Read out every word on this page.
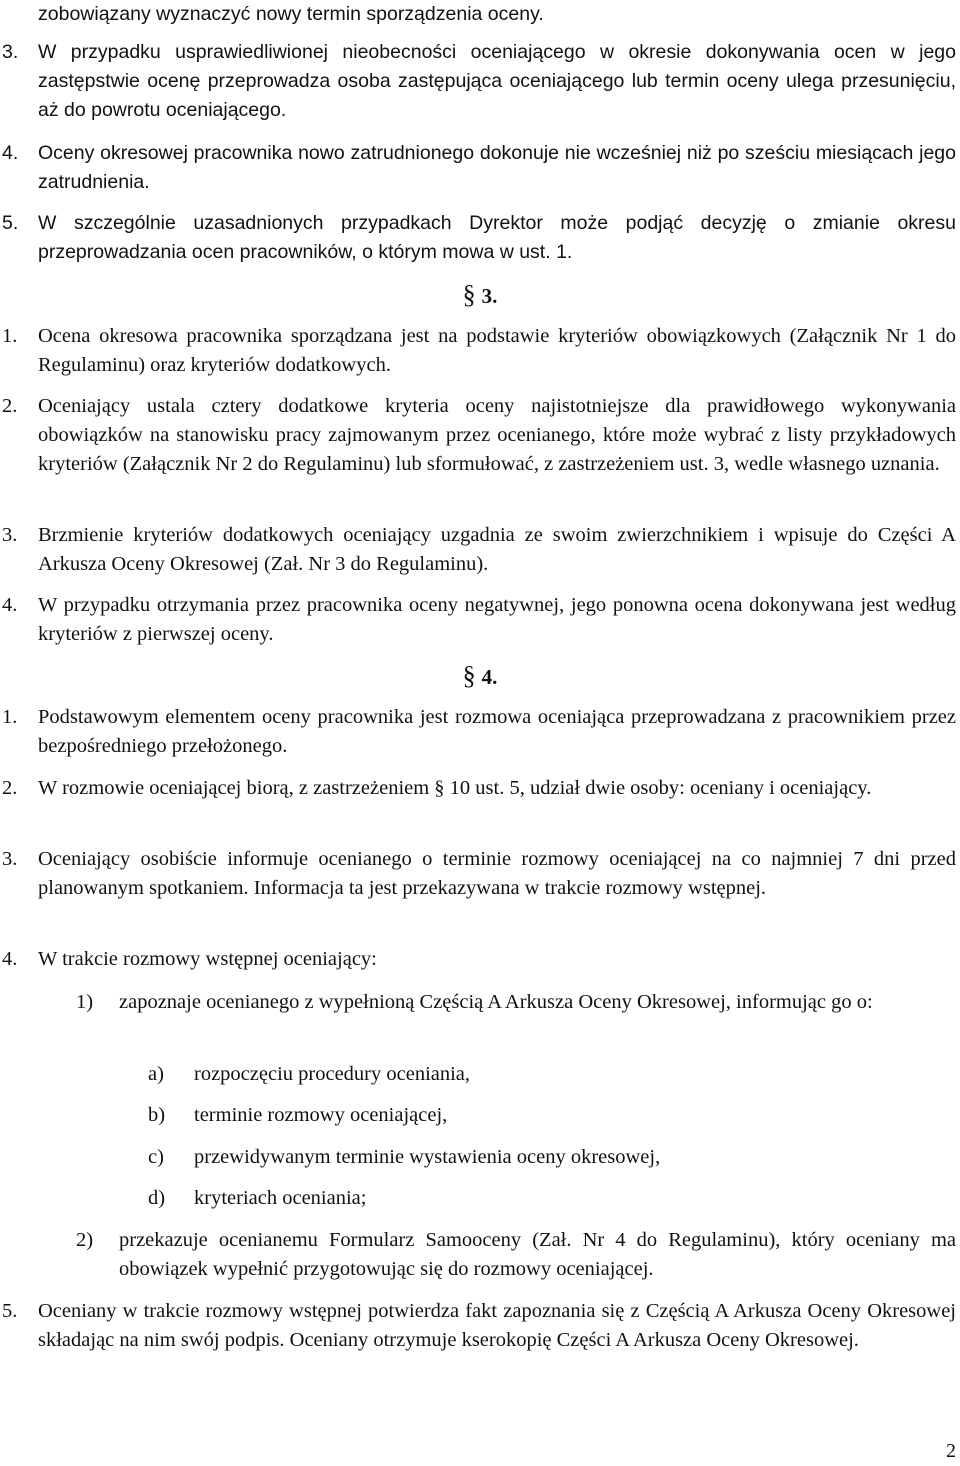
zobowiązany wyznaczyć nowy termin sporządzenia oceny.
3. W przypadku usprawiedliwionej nieobecności oceniającego w okresie dokonywania ocen w jego zastępstwie ocenę przeprowadza osoba zastępująca oceniającego lub termin oceny ulega przesunięciu, aż do powrotu oceniającego.
4. Oceny okresowej pracownika nowo zatrudnionego dokonuje nie wcześniej niż po sześciu miesiącach jego zatrudnienia.
5. W szczególnie uzasadnionych przypadkach Dyrektor może podjąć decyzję o zmianie okresu przeprowadzania ocen pracowników, o którym mowa w ust. 1.
§ 3.
1. Ocena okresowa pracownika sporządzana jest na podstawie kryteriów obowiązkowych (Załącznik Nr 1 do Regulaminu) oraz kryteriów dodatkowych.
2. Oceniający ustala cztery dodatkowe kryteria oceny najistotniejsze dla prawidłowego wykonywania obowiązków na stanowisku pracy zajmowanym przez ocenianego, które może wybrać z listy przykładowych kryteriów (Załącznik Nr 2 do Regulaminu) lub sformułować, z zastrzeżeniem ust. 3, wedle własnego uznania.
3. Brzmienie kryteriów dodatkowych oceniający uzgadnia ze swoim zwierzchnikiem i wpisuje do Części A Arkusza Oceny Okresowej (Zał. Nr 3 do Regulaminu).
4. W przypadku otrzymania przez pracownika oceny negatywnej, jego ponowna ocena dokonywana jest według kryteriów z pierwszej oceny.
§ 4.
1. Podstawowym elementem oceny pracownika jest rozmowa oceniająca przeprowadzana z pracownikiem przez bezpośredniego przełożonego.
2. W rozmowie oceniającej biorą, z zastrzeżeniem § 10 ust. 5, udział dwie osoby: oceniany i oceniający.
3. Oceniający osobiście informuje ocenianego o terminie rozmowy oceniającej na co najmniej 7 dni przed planowanym spotkaniem. Informacja ta jest przekazywana w trakcie rozmowy wstępnej.
4. W trakcie rozmowy wstępnej oceniający:
1) zapoznaje ocenianego z wypełnioną Częścią A Arkusza Oceny Okresowej, informując go o:
a) rozpoczęciu procedury oceniania,
b) terminie rozmowy oceniającej,
c) przewidywanym terminie wystawienia oceny okresowej,
d) kryteriach oceniania;
2) przekazuje ocenianemu Formularz Samooceny (Zał. Nr 4 do Regulaminu), który oceniany ma obowiązek wypełnić przygotowując się do rozmowy oceniającej.
5. Oceniany w trakcie rozmowy wstępnej potwierdza fakt zapoznania się z Częścią A Arkusza Oceny Okresowej składając na nim swój podpis. Oceniany otrzymuje kserokopię Części A Arkusza Oceny Okresowej.
2
